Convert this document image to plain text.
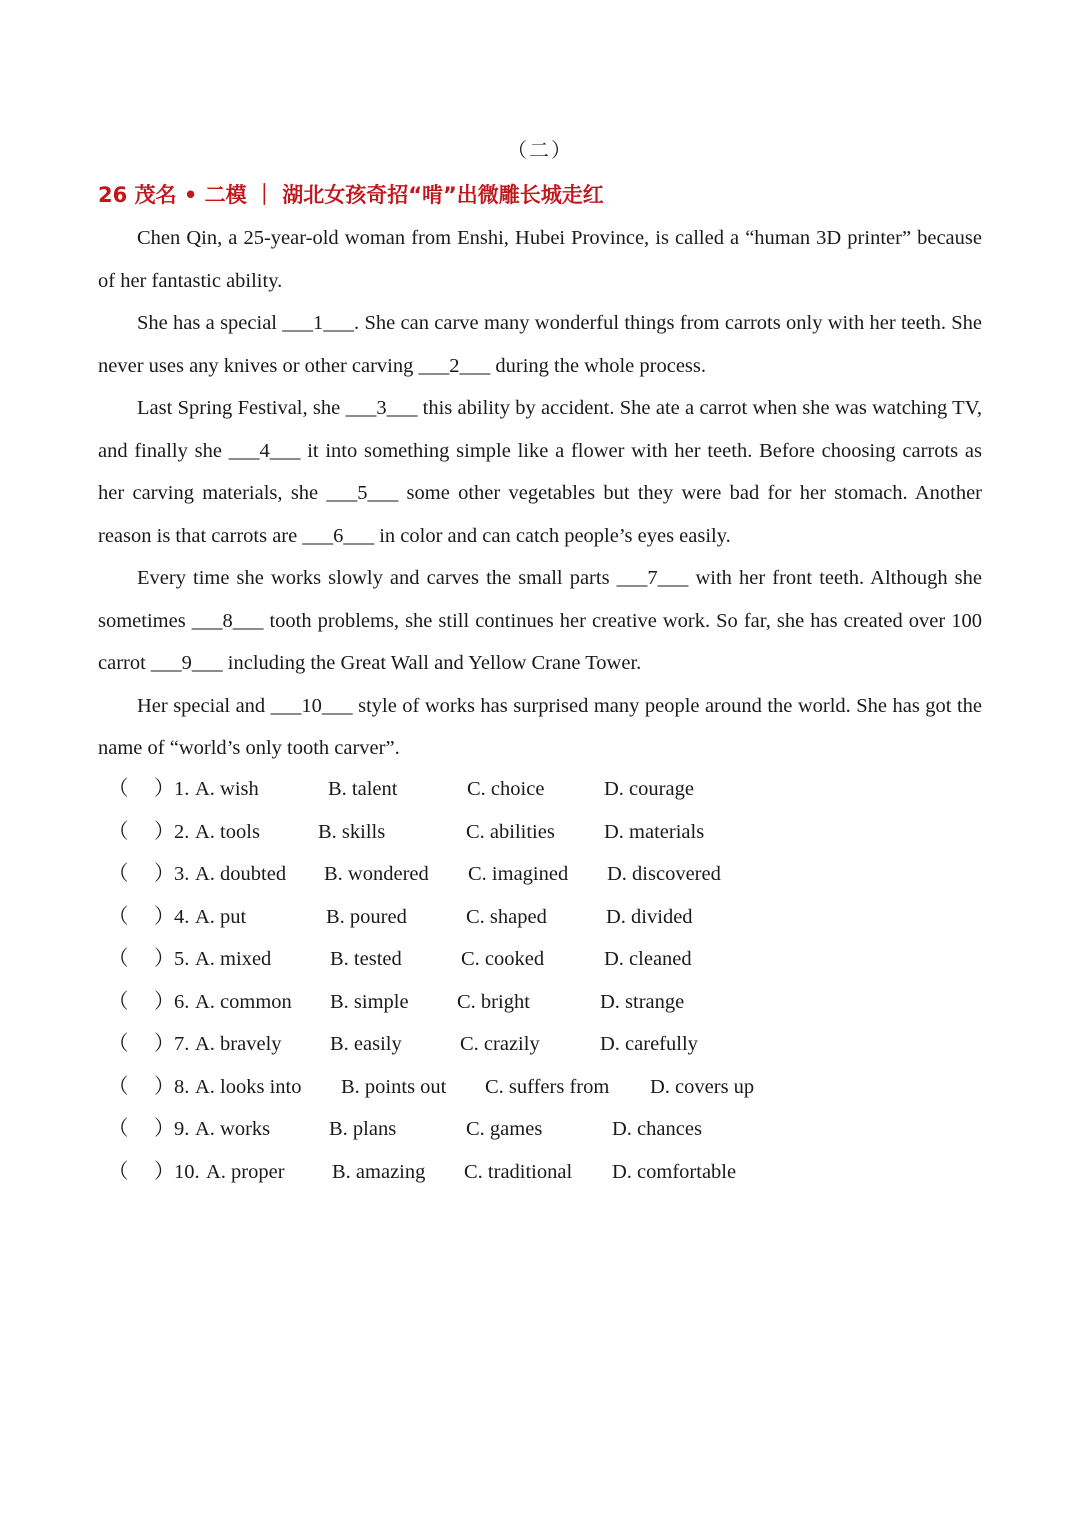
（二）
26 茂名 • 二模 ｜ 湖北女孩奇招“啃”出微雕长城走红

Chen Qin, a 25-year-old woman from Enshi, Hubei Province, is called a “human 3D printer” because of her fantastic ability.

She has a special ___1___. She can carve many wonderful things from carrots only with her teeth. She never uses any knives or other carving ___2___ during the whole process.

Last Spring Festival, she ___3___ this ability by accident. She ate a carrot when she was watching TV, and finally she ___4___ it into something simple like a flower with her teeth. Before choosing carrots as her carving materials, she ___5___ some other vegetables but they were bad for her stomach. Another reason is that carrots are ___6___ in color and can catch people’s eyes easily.

Every time she works slowly and carves the small parts ___7___ with her front teeth. Although she sometimes ___8___ tooth problems, she still continues her creative work. So far, she has created over 100 carrot ___9___ including the Great Wall and Yellow Crane Tower.

Her special and ___10___ style of works has surprised many people around the world. She has got the name of “world’s only tooth carver”.

（ ） 1. A. wish	B. talent	C. choice	D. courage
（ ） 2. A. tools	B. skills	C. abilities D. materials
（ ） 3. A. doubted B. wondered C. imagined D. discovered
（ ） 4. A. put	B. poured	C. shaped	D. divided
（ ） 5. A. mixed	B. tested	C. cooked	D. cleaned
（ ） 6. A. common B. simple C. bright	D. strange
（ ） 7. A. bravely B. easily	C. crazily	D. carefully
（ ） 8. A. looks into B. points out C. suffers from D. covers up
（ ） 9. A. works	B. plans	C. games	D. chances
（ ） 10. A. proper B. amazing C. traditional D. comfortable
